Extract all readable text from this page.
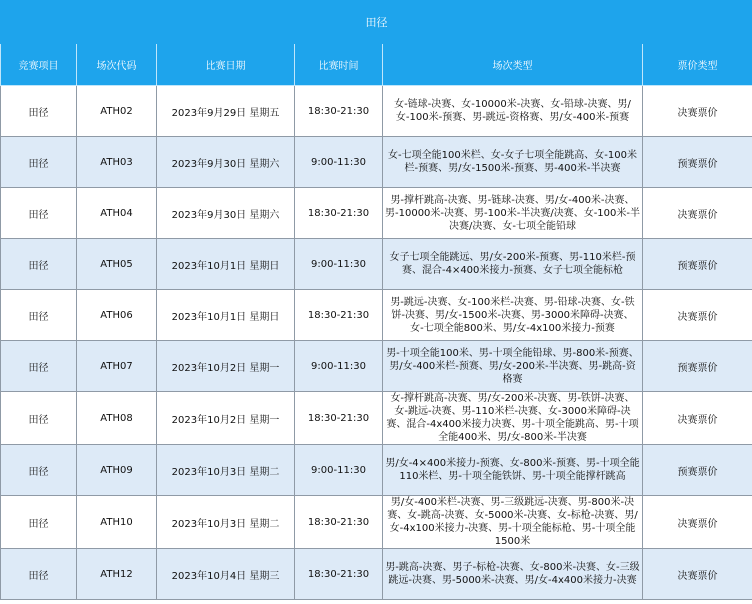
田径					
竞赛项目	场次代码	比赛日期	比赛时间	场次类型	票价类型
田径	ATH02	2023年9月29日 星期五	18:30-21:30	女-链球-决赛、女-10000米-决赛、女-铅球-决赛、男/女-100米-预赛、男-跳远-资格赛、男/女-400米-预赛	决赛票价
田径	ATH03	2023年9月30日 星期六	9:00-11:30	女-七项全能100米栏、女-女子七项全能跳高、女-100米栏-预赛、男/女-1500米-预赛、男-400米-半决赛	预赛票价
田径	ATH04	2023年9月30日 星期六	18:30-21:30	男-撑杆跳高-决赛、男-链球-决赛、男/女-400米-决赛、男-10000米-决赛、男-100米-半决赛/决赛、女-100米-半决赛/决赛、女-七项全能铅球	决赛票价
田径	ATH05	2023年10月1日 星期日	9:00-11:30	女子七项全能跳远、男/女-200米-预赛、男-110米栏-预赛、混合-4×400米接力-预赛、女子七项全能标枪	预赛票价
田径	ATH06	2023年10月1日 星期日	18:30-21:30	男-跳远-决赛、女-100米栏-决赛、男-铅球-决赛、女-铁饼-决赛、男/女-1500米-决赛、男-3000米障碍-决赛、女-七项全能800米、男/女-4x100米接力-预赛	决赛票价
田径	ATH07	2023年10月2日 星期一	9:00-11:30	男-十项全能100米、男-十项全能铅球、男-800米-预赛、男/女-400米栏-预赛、男/女-200米-半决赛、男-跳高-资格赛	预赛票价
田径	ATH08	2023年10月2日 星期一	18:30-21:30	女-撑杆跳高-决赛、男/女-200米-决赛、男-铁饼-决赛、女-跳远-决赛、男-110米栏-决赛、女-3000米障碍-决赛、混合-4x400米接力决赛、男-十项全能跳高、男-十项全能400米、男/女-800米-半决赛	决赛票价
田径	ATH09	2023年10月3日 星期二	9:00-11:30	男/女-4×400米接力-预赛、女-800米-预赛、男-十项全能110米栏、男-十项全能铁饼、男-十项全能撑杆跳高	预赛票价
田径	ATH10	2023年10月3日 星期二	18:30-21:30	男/女-400米栏-决赛、男-三级跳远-决赛、男-800米-决赛、女-跳高-决赛、女-5000米-决赛、女-标枪-决赛、男/女-4x100米接力-决赛、男-十项全能标枪、男-十项全能1500米	决赛票价
田径	ATH12	2023年10月4日 星期三	18:30-21:30	男-跳高-决赛、男子-标枪-决赛、女-800米-决赛、女-三级跳远-决赛、男-5000米-决赛、男/女-4x400米接力-决赛	决赛票价
